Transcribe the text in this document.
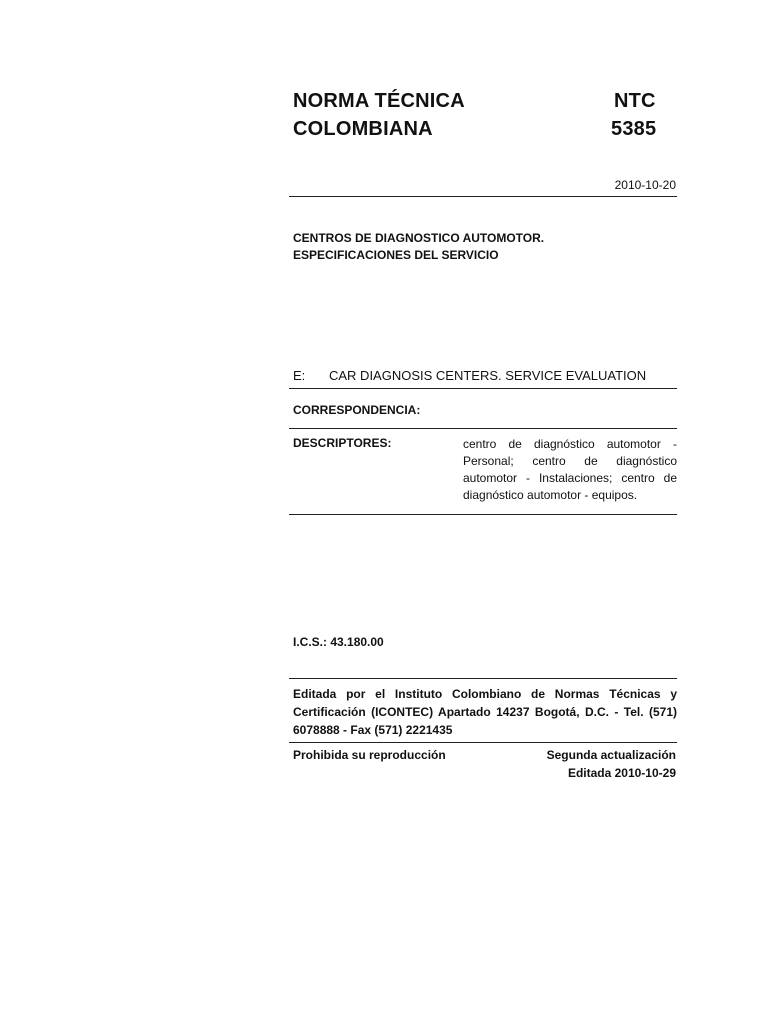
NORMA TÉCNICA
COLOMBIANA
NTC
5385
2010-10-20
CENTROS DE DIAGNOSTICO AUTOMOTOR.
ESPECIFICACIONES DEL SERVICIO
E: CAR DIAGNOSIS CENTERS. SERVICE EVALUATION
CORRESPONDENCIA:
DESCRIPTORES:	centro de diagnóstico automotor - Personal; centro de diagnóstico automotor - Instalaciones; centro de diagnóstico automotor - equipos.
I.C.S.: 43.180.00
Editada por el Instituto Colombiano de Normas Técnicas y Certificación (ICONTEC) Apartado 14237 Bogotá, D.C. - Tel. (571) 6078888 - Fax (571) 2221435
Prohibida su reproducción	Segunda actualización
Editada 2010-10-29
